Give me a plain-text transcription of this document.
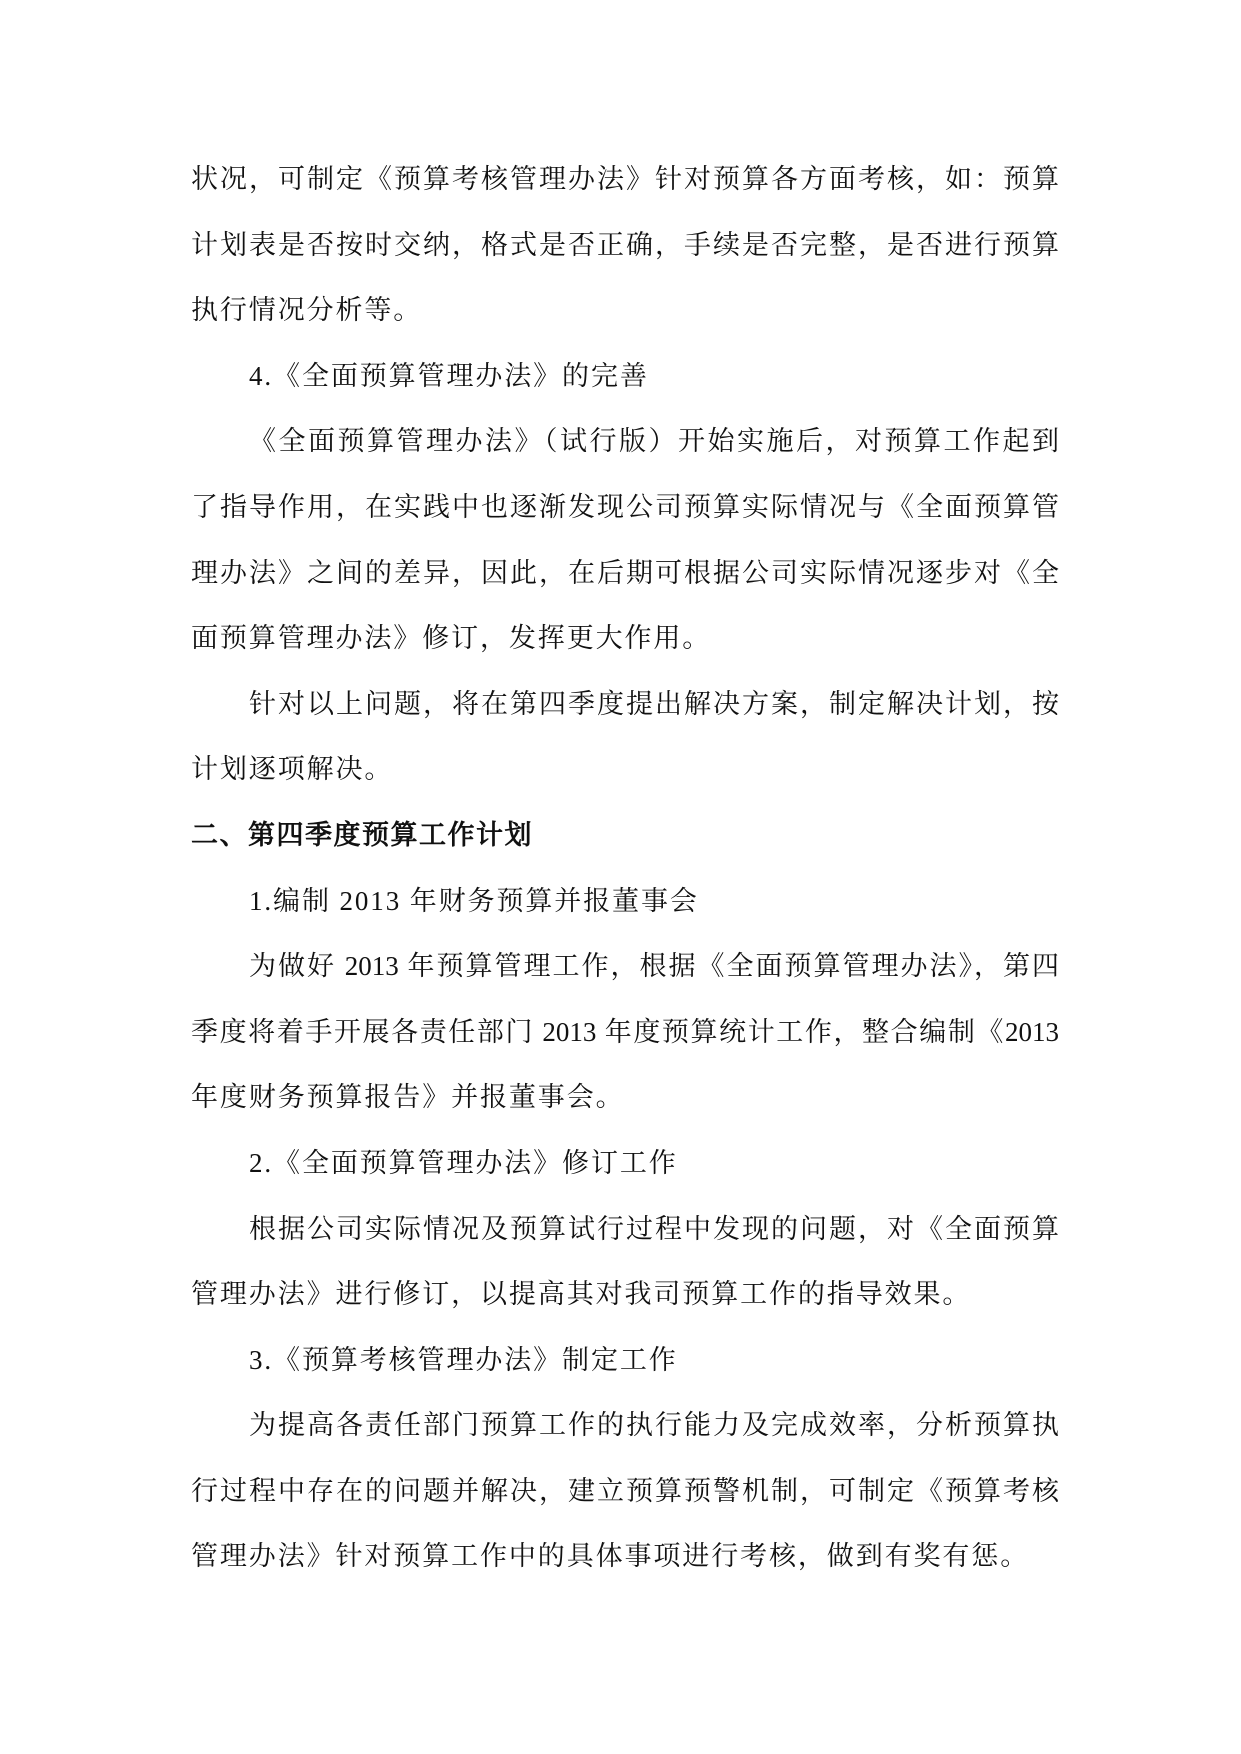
状况，可制定《预算考核管理办法》针对预算各方面考核，如：预算
计划表是否按时交纳，格式是否正确，手续是否完整，是否进行预算
执行情况分析等。
4.《全面预算管理办法》的完善
《全面预算管理办法》（试行版）开始实施后，对预算工作起到
了指导作用，在实践中也逐渐发现公司预算实际情况与《全面预算管
理办法》之间的差异，因此，在后期可根据公司实际情况逐步对《全
面预算管理办法》修订，发挥更大作用。
针对以上问题，将在第四季度提出解决方案，制定解决计划，按
计划逐项解决。
二、第四季度预算工作计划
1.编制 2013 年财务预算并报董事会
为做好 2013 年预算管理工作，根据《全面预算管理办法》，第四
季度将着手开展各责任部门 2013 年度预算统计工作，整合编制《2013
年度财务预算报告》并报董事会。
2.《全面预算管理办法》修订工作
根据公司实际情况及预算试行过程中发现的问题，对《全面预算
管理办法》进行修订，以提高其对我司预算工作的指导效果。
3.《预算考核管理办法》制定工作
为提高各责任部门预算工作的执行能力及完成效率，分析预算执
行过程中存在的问题并解决，建立预算预警机制，可制定《预算考核
管理办法》针对预算工作中的具体事项进行考核，做到有奖有惩。
